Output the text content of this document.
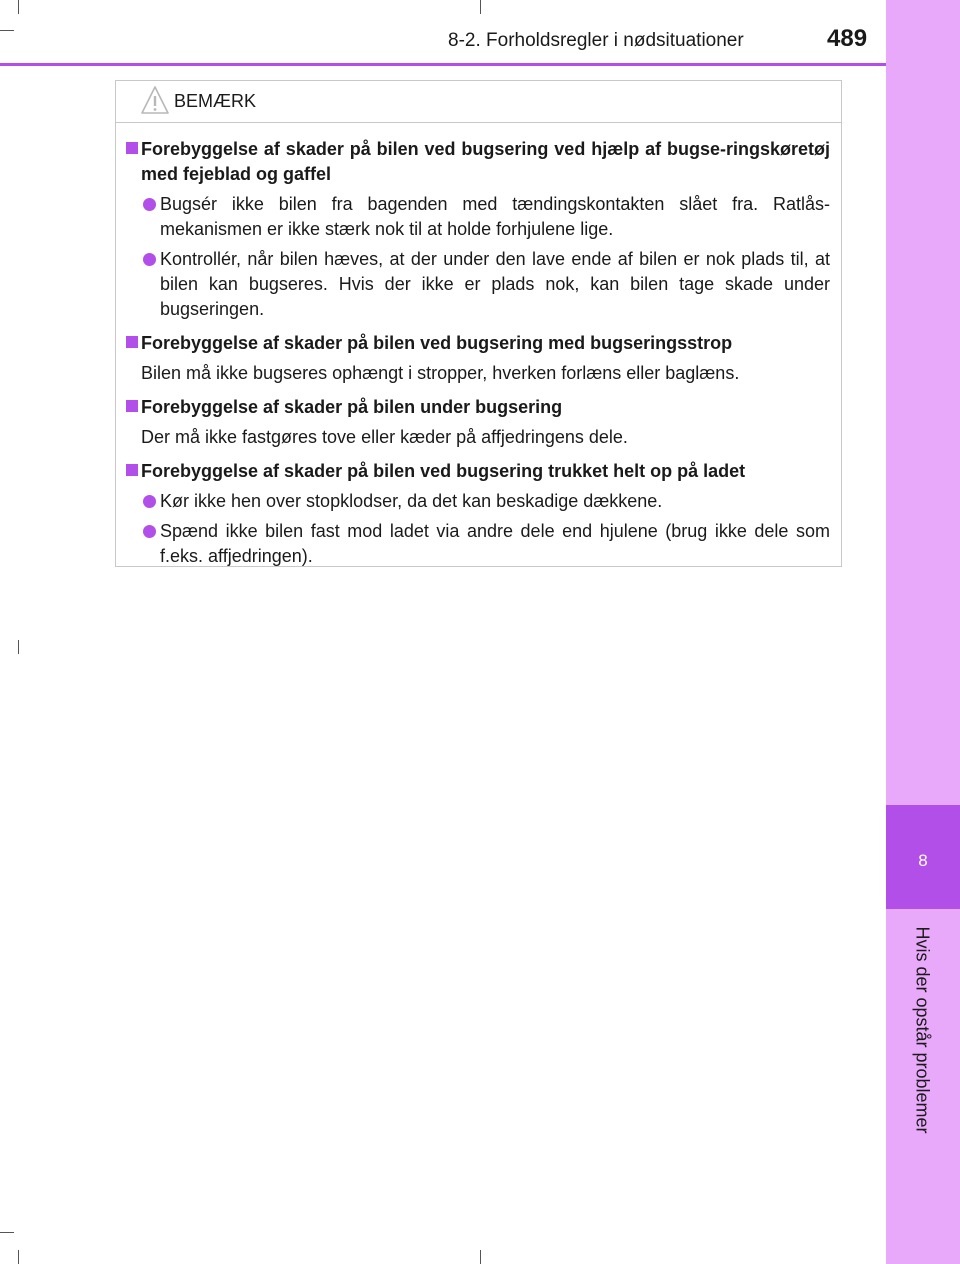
8-2. Forholdsregler i nødsituationer	489
8
Hvis der opstår problemer
BEMÆRK
Forebyggelse af skader på bilen ved bugsering ved hjælp af bugse-ringskøretøj med fejeblad og gaffel
Bugsér ikke bilen fra bagenden med tændingskontakten slået fra. Ratlås-mekanismen er ikke stærk nok til at holde forhjulene lige.
Kontrollér, når bilen hæves, at der under den lave ende af bilen er nok plads til, at bilen kan bugseres. Hvis der ikke er plads nok, kan bilen tage skade under bugseringen.
Forebyggelse af skader på bilen ved bugsering med bugseringsstrop
Bilen må ikke bugseres ophængt i stropper, hverken forlæns eller baglæns.
Forebyggelse af skader på bilen under bugsering
Der må ikke fastgøres tove eller kæder på affjedringens dele.
Forebyggelse af skader på bilen ved bugsering trukket helt op på ladet
Kør ikke hen over stopklodser, da det kan beskadige dækkene.
Spænd ikke bilen fast mod ladet via andre dele end hjulene (brug ikke dele som f.eks. affjedringen).
